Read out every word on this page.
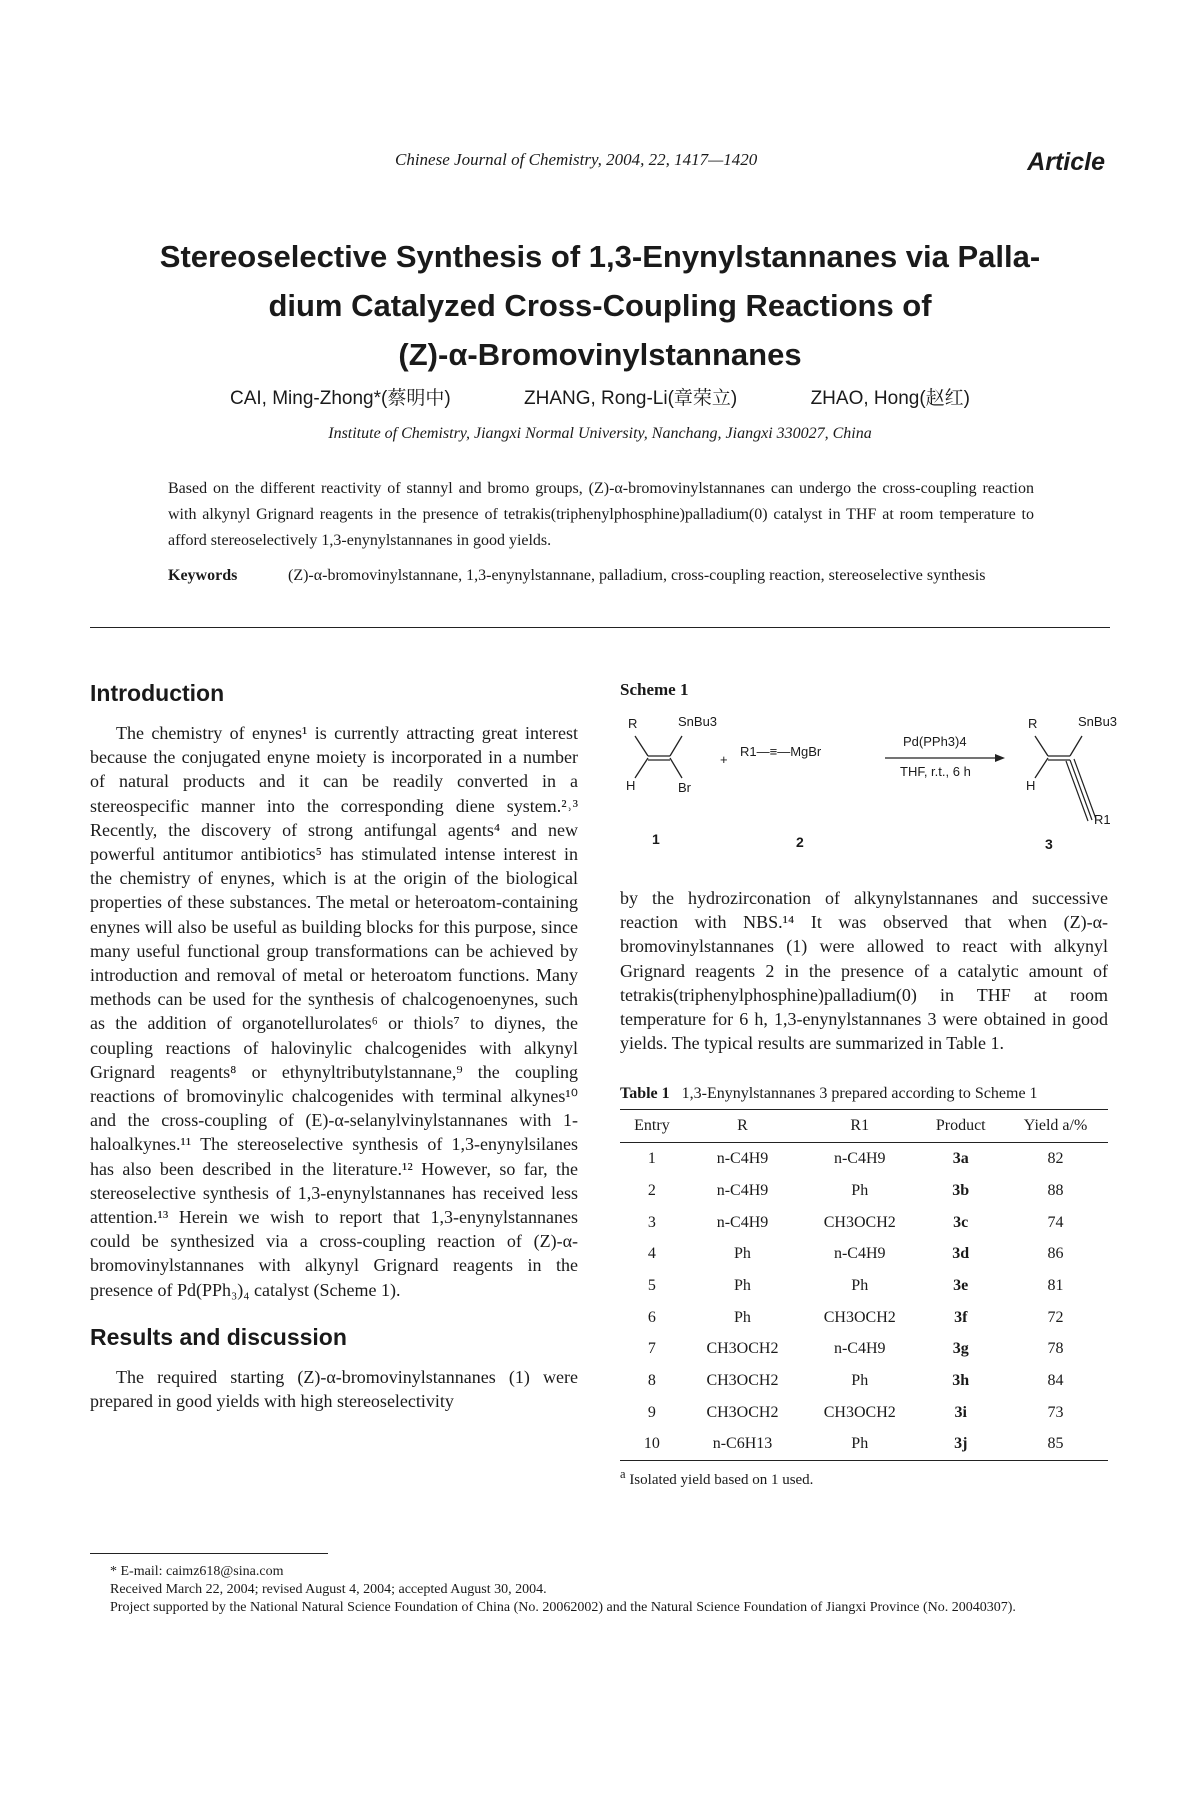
Chinese Journal of Chemistry, 2004, 22, 1417—1420	Article
Stereoselective Synthesis of 1,3-Enynylstannanes via Palla-
dium Catalyzed Cross-Coupling Reactions of
(Z)-α-Bromovinylstannanes
CAI, Ming-Zhong*(蔡明中)	ZHANG, Rong-Li(章荣立)	ZHAO, Hong(赵红)
Institute of Chemistry, Jiangxi Normal University, Nanchang, Jiangxi 330027, China
Based on the different reactivity of stannyl and bromo groups, (Z)-α-bromovinylstannanes can undergo the cross-coupling reaction with alkynyl Grignard reagents in the presence of tetrakis(triphenylphosphine)palladium(0) catalyst in THF at room temperature to afford stereoselectively 1,3-enynylstannanes in good yields.
Keywords	(Z)-α-bromovinylstannane, 1,3-enynylstannane, palladium, cross-coupling reaction, stereoselective synthesis
Introduction

The chemistry of enynes¹ is currently attracting great interest because the conjugated enyne moiety is incorporated in a number of natural products and it can be readily converted in a stereospecific manner into the corresponding diene system.²˒³ Recently, the discovery of strong antifungal agents⁴ and new powerful antitumor antibiotics⁵ has stimulated intense interest in the chemistry of enynes, which is at the origin of the biological properties of these substances. The metal or heteroatom-containing enynes will also be useful as building blocks for this purpose, since many useful functional group transformations can be achieved by introduction and removal of metal or heteroatom functions. Many methods can be used for the synthesis of chalcogenoenynes, such as the addition of organotellurolates⁶ or thiols⁷ to diynes, the coupling reactions of halovinylic chalcogenides with alkynyl Grignard reagents⁸ or ethynyltributylstannane,⁹ the coupling reactions of bromovinylic chalcogenides with terminal alkynes¹⁰ and the cross-coupling of (E)-α-selanylvinylstannanes with 1-haloalkynes.¹¹ The stereoselective synthesis of 1,3-enynylsilanes has also been described in the literature.¹² However, so far, the stereoselective synthesis of 1,3-enynylstannanes has received less attention.¹³ Herein we wish to report that 1,3-enynylstannanes could be synthesized via a cross-coupling reaction of (Z)-α-bromovinylstannanes with alkynyl Grignard reagents in the presence of Pd(PPh₃)₄ catalyst (Scheme 1).

Results and discussion

The required starting (Z)-α-bromovinylstannanes (1) were prepared in good yields with high stereoselectivity

Scheme 1
R	SnBu3
H	Br
1
+
R1—≡—MgBr
2
Pd(PPh3)4
THF, r.t., 6 h
R	SnBu3
H
R1
3

by the hydrozirconation of alkynylstannanes and successive reaction with NBS.¹⁴ It was observed that when (Z)-α-bromovinylstannanes (1) were allowed to react with alkynyl Grignard reagents 2 in the presence of a catalytic amount of tetrakis(triphenylphosphine)palladium(0) in THF at room temperature for 6 h, 1,3-enynylstannanes 3 were obtained in good yields. The typical results are summarized in Table 1.

Table 1 1,3-Enynylstannanes 3 prepared according to Scheme 1
Entry	R	R1	Product	Yield a/%
1	n-C4H9	n-C4H9	3a	82
2	n-C4H9	Ph	3b	88
3	n-C4H9	CH3OCH2	3c	74
4	Ph	n-C4H9	3d	86
5	Ph	Ph	3e	81
6	Ph	CH3OCH2	3f	72
7	CH3OCH2	n-C4H9	3g	78
8	CH3OCH2	Ph	3h	84
9	CH3OCH2	CH3OCH2	3i	73
10	n-C6H13	Ph	3j	85
$^a$ Isolated yield based on 1 used.
* E-mail: caimz618@sina.com
Received March 22, 2004; revised August 4, 2004; accepted August 30, 2004.
Project supported by the National Natural Science Foundation of China (No. 20062002) and the Natural Science Foundation of Jiangxi Province (No. 20040307).
